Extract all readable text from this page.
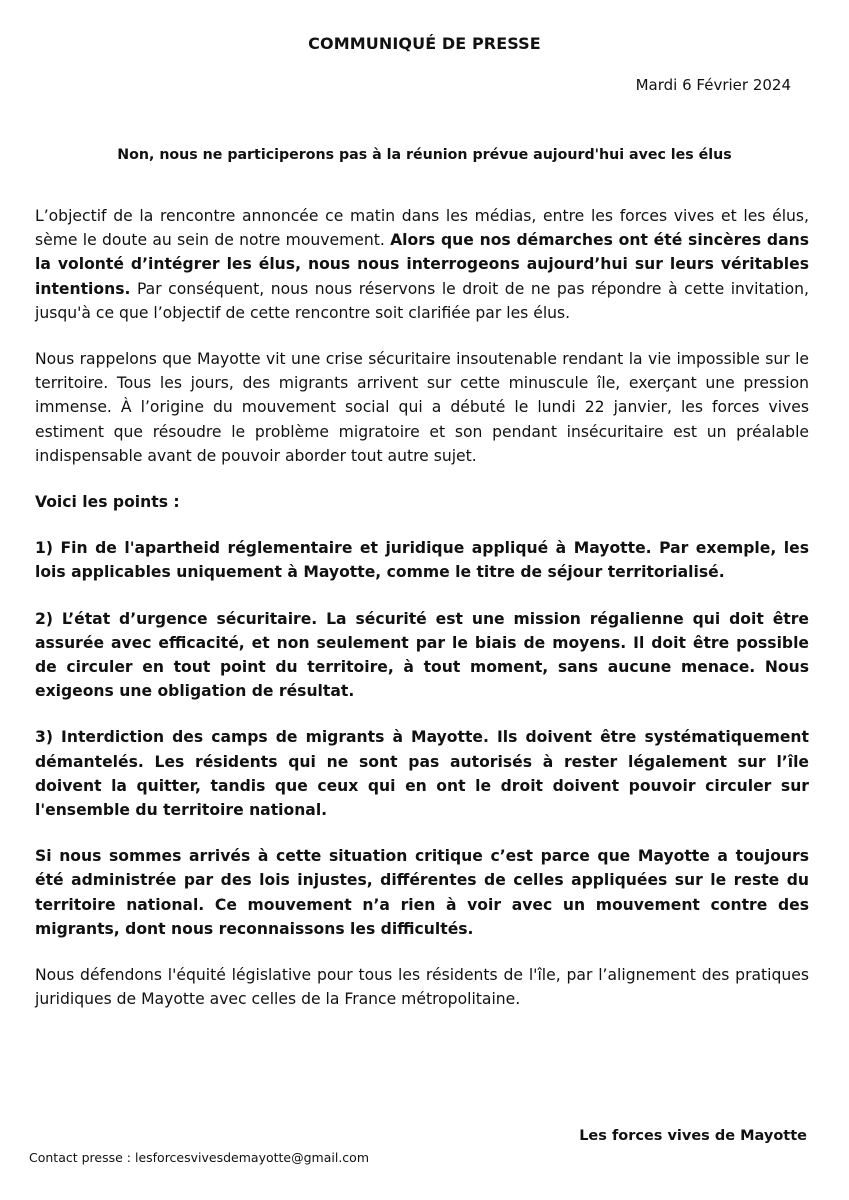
COMMUNIQUÉ DE PRESSE
Mardi 6 Février 2024
Non, nous ne participerons pas à la réunion prévue aujourd'hui avec les élus

L’objectif de la rencontre annoncée ce matin dans les médias, entre les forces vives et les élus, sème le doute au sein de notre mouvement. Alors que nos démarches ont été sincères dans la volonté d’intégrer les élus, nous nous interrogeons aujourd’hui sur leurs véritables intentions. Par conséquent, nous nous réservons le droit de ne pas répondre à cette invitation, jusqu'à ce que l’objectif de cette rencontre soit clarifiée par les élus.

Nous rappelons que Mayotte vit une crise sécuritaire insoutenable rendant la vie impossible sur le territoire. Tous les jours, des migrants arrivent sur cette minuscule île, exerçant une pression immense. À l’origine du mouvement social qui a débuté le lundi 22 janvier, les forces vives estiment que résoudre le problème migratoire et son pendant insécuritaire est un préalable indispensable avant de pouvoir aborder tout autre sujet.

Voici les points :

1) Fin de l'apartheid réglementaire et juridique appliqué à Mayotte. Par exemple, les lois applicables uniquement à Mayotte, comme le titre de séjour territorialisé.

2) L’état d’urgence sécuritaire. La sécurité est une mission régalienne qui doit être assurée avec efficacité, et non seulement par le biais de moyens. Il doit être possible de circuler en tout point du territoire, à tout moment, sans aucune menace. Nous exigeons une obligation de résultat.

3) Interdiction des camps de migrants à Mayotte. Ils doivent être systématiquement démantelés. Les résidents qui ne sont pas autorisés à rester légalement sur l’île doivent la quitter, tandis que ceux qui en ont le droit doivent pouvoir circuler sur l'ensemble du territoire national.

Si nous sommes arrivés à cette situation critique c’est parce que Mayotte a toujours été administrée par des lois injustes, différentes de celles appliquées sur le reste du territoire national. Ce mouvement n’a rien à voir avec un mouvement contre des migrants, dont nous reconnaissons les difficultés.

Nous défendons l'équité législative pour tous les résidents de l'île, par l’alignement des pratiques juridiques de Mayotte avec celles de la France métropolitaine.

Les forces vives de Mayotte
Contact presse : lesforcesvivesdemayotte@gmail.com
